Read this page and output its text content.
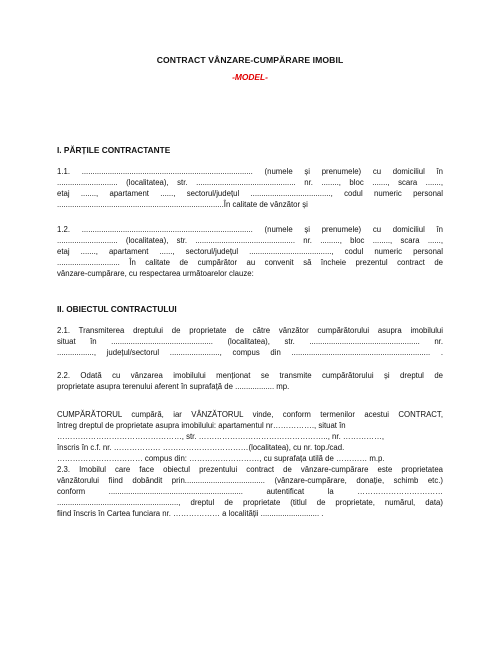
CONTRACT VÂNZARE-CUMPĂRARE IMOBIL
-MODEL-
I. PĂRȚILE CONTRACTANTE
1.1. ............................................................................... (numele și prenumele) cu domiciliul în
............................ (localitatea), str. .............................................. nr. ........, bloc ......., scara .......,
etaj ......., apartament ......, sectorul/județul ....................................., codul numeric personal
.............................................................................În calitate de vânzător și
1.2. ............................................................................... (numele și prenumele) cu domiciliul în
............................ (localitatea), str. .............................................. nr. ........., bloc ........, scara ......,
etaj ......., apartament ......, sectorul/județul ......................................, codul numeric personal
............................. În calitate de cumpărător au convenit să încheie prezentul contract de
vânzare-cumpărare, cu respectarea următoarelor clauze:
II. OBIECTUL CONTRACTULUI
2.1. Transmiterea dreptului de proprietate de către vânzător cumpărătorului asupra imobilului
situat în ............................................... (localitatea), str. ................................................... nr.
................., județul/sectorul ......................., compus din ................................................................ .
2.2. Odată cu vânzarea imobilului menționat se transmite cumpărătorului și dreptul de
proprietate asupra terenului aferent în suprafață de .................. mp.
CUMPĂRĂTORUL cumpără, iar VÂNZĂTORUL vinde, conform termenilor acestui CONTRACT,
întreg dreptul de proprietate asupra imobilului: apartamentul nr……………., situat în
…………………………………………, str. ………………………………………….., nr. ……………,
înscris în c.f. nr. ……………… ……………………………(localitatea), cu nr. top./cad.
…………………………… compus din: ………………………, cu suprafața utilă de ………… m.p.
2.3. Imobilul care face obiectul prezentului contract de vânzare-cumpărare este proprietatea
vânzătorului fiind dobândit prin..................................... (vânzare-cumpărare, donație, schimb etc.)
conform .............................................................. autentificat la ……………………………
........................................................, dreptul de proprietate (titlul de proprietate, numărul, data)
fiind înscris în Cartea funciara nr. ……………… a localității ........................... .
